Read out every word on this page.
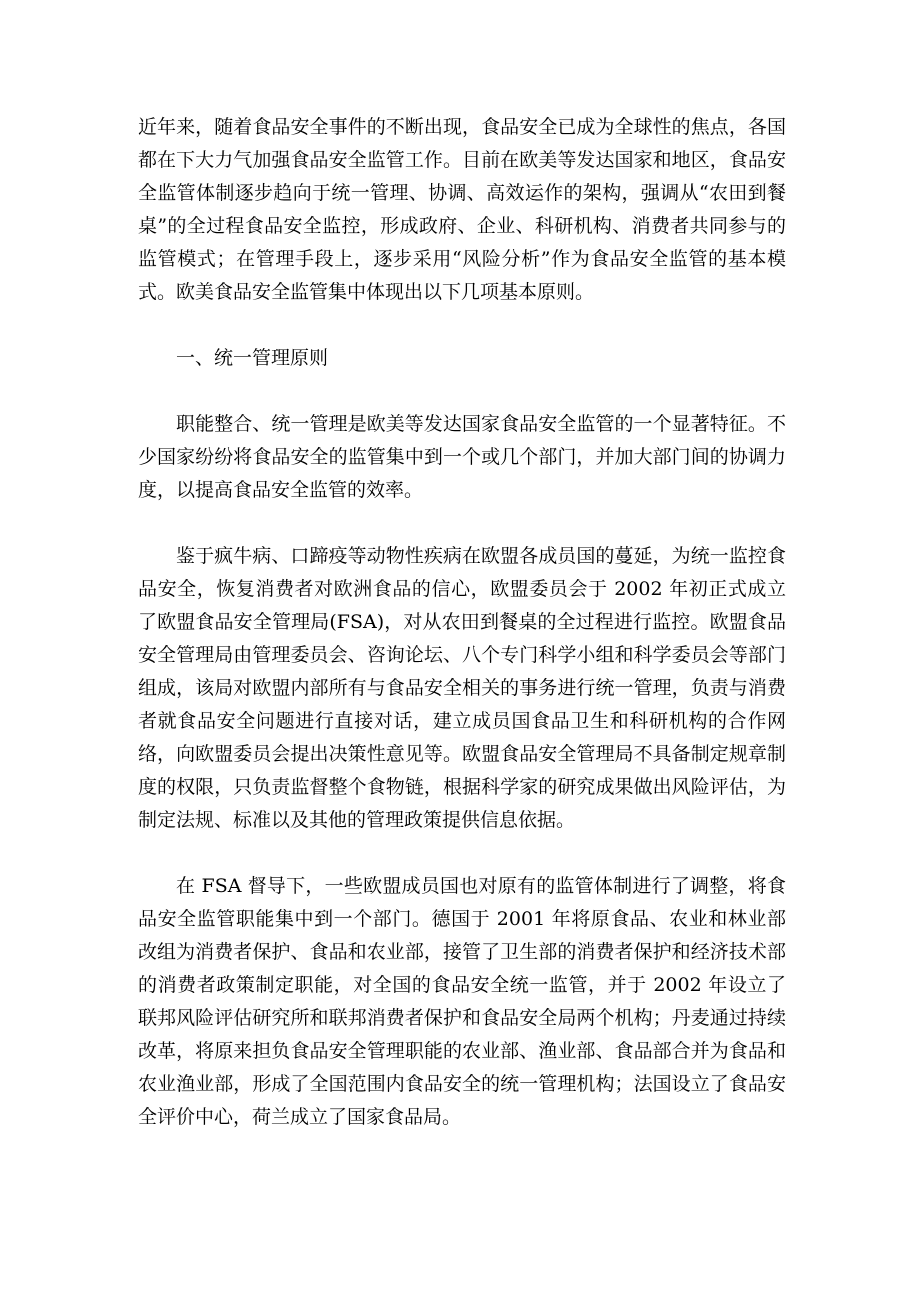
近年来，随着食品安全事件的不断出现，食品安全已成为全球性的焦点，各国都在下大力气加强食品安全监管工作。目前在欧美等发达国家和地区，食品安全监管体制逐步趋向于统一管理、协调、高效运作的架构，强调从“农田到餐桌”的全过程食品安全监控，形成政府、企业、科研机构、消费者共同参与的监管模式；在管理手段上，逐步采用“风险分析”作为食品安全监管的基本模式。欧美食品安全监管集中体现出以下几项基本原则。

一、统一管理原则

职能整合、统一管理是欧美等发达国家食品安全监管的一个显著特征。不少国家纷纷将食品安全的监管集中到一个或几个部门，并加大部门间的协调力度，以提高食品安全监管的效率。

鉴于疯牛病、口蹄疫等动物性疾病在欧盟各成员国的蔓延，为统一监控食品安全，恢复消费者对欧洲食品的信心，欧盟委员会于 2002 年初正式成立了欧盟食品安全管理局(FSA)，对从农田到餐桌的全过程进行监控。欧盟食品安全管理局由管理委员会、咨询论坛、八个专门科学小组和科学委员会等部门组成，该局对欧盟内部所有与食品安全相关的事务进行统一管理，负责与消费者就食品安全问题进行直接对话，建立成员国食品卫生和科研机构的合作网络，向欧盟委员会提出决策性意见等。欧盟食品安全管理局不具备制定规章制度的权限，只负责监督整个食物链，根据科学家的研究成果做出风险评估，为制定法规、标准以及其他的管理政策提供信息依据。

在 FSA 督导下，一些欧盟成员国也对原有的监管体制进行了调整，将食品安全监管职能集中到一个部门。德国于 2001 年将原食品、农业和林业部改组为消费者保护、食品和农业部，接管了卫生部的消费者保护和经济技术部的消费者政策制定职能，对全国的食品安全统一监管，并于 2002 年设立了联邦风险评估研究所和联邦消费者保护和食品安全局两个机构；丹麦通过持续改革，将原来担负食品安全管理职能的农业部、渔业部、食品部合并为食品和农业渔业部，形成了全国范围内食品安全的统一管理机构；法国设立了食品安全评价中心，荷兰成立了国家食品局。
